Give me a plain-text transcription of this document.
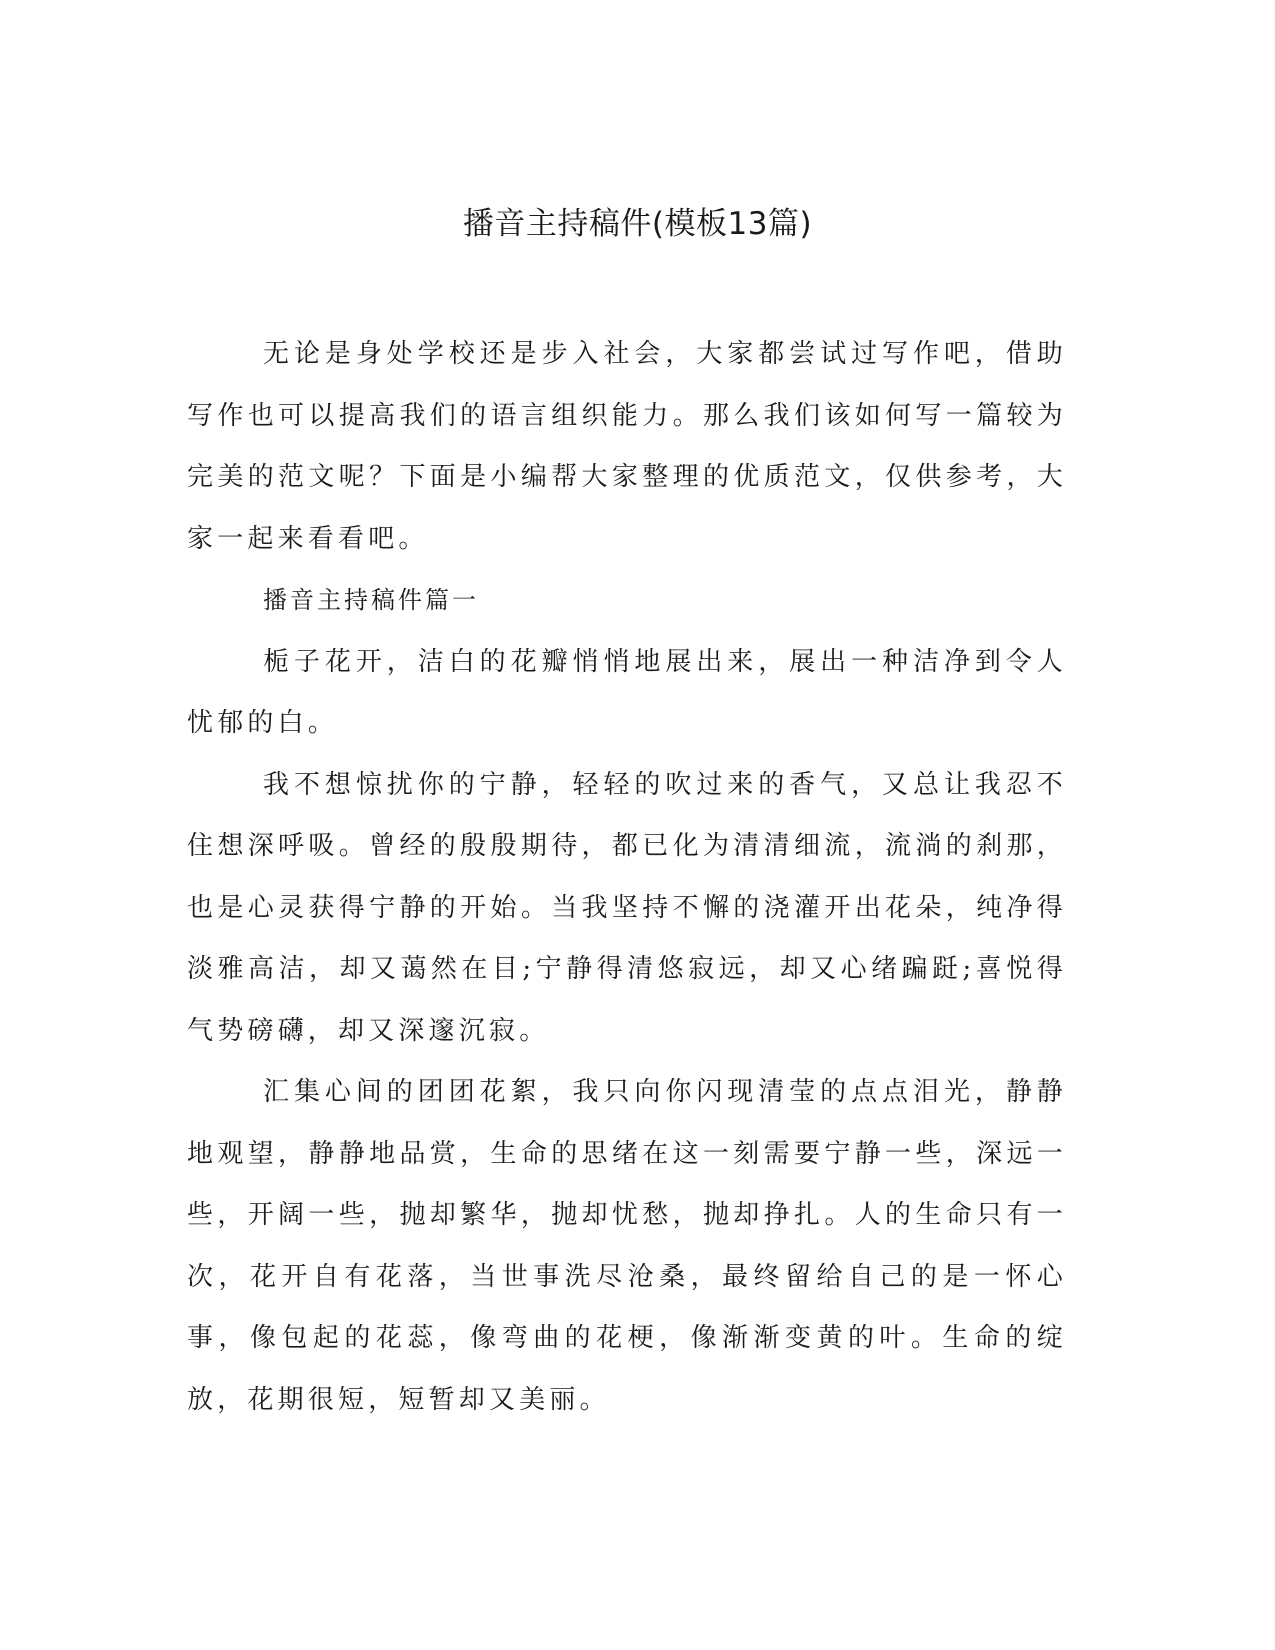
播音主持稿件(模板13篇)

无论是身处学校还是步入社会，大家都尝试过写作吧，借助写作也可以提高我们的语言组织能力。那么我们该如何写一篇较为完美的范文呢？下面是小编帮大家整理的优质范文，仅供参考，大家一起来看看吧。

播音主持稿件篇一

栀子花开，洁白的花瓣悄悄地展出来，展出一种洁净到令人忧郁的白。

我不想惊扰你的宁静，轻轻的吹过来的香气，又总让我忍不住想深呼吸。曾经的殷殷期待，都已化为清清细流，流淌的刹那，也是心灵获得宁静的开始。当我坚持不懈的浇灌开出花朵，纯净得淡雅高洁，却又蔼然在目;宁静得清悠寂远，却又心绪蹁跹;喜悦得气势磅礴，却又深邃沉寂。

汇集心间的团团花絮，我只向你闪现清莹的点点泪光，静静地观望，静静地品赏，生命的思绪在这一刻需要宁静一些，深远一些，开阔一些，抛却繁华，抛却忧愁，抛却挣扎。人的生命只有一次，花开自有花落，当世事洗尽沧桑，最终留给自己的是一怀心事，像包起的花蕊，像弯曲的花梗，像渐渐变黄的叶。生命的绽放，花期很短，短暂却又美丽。
